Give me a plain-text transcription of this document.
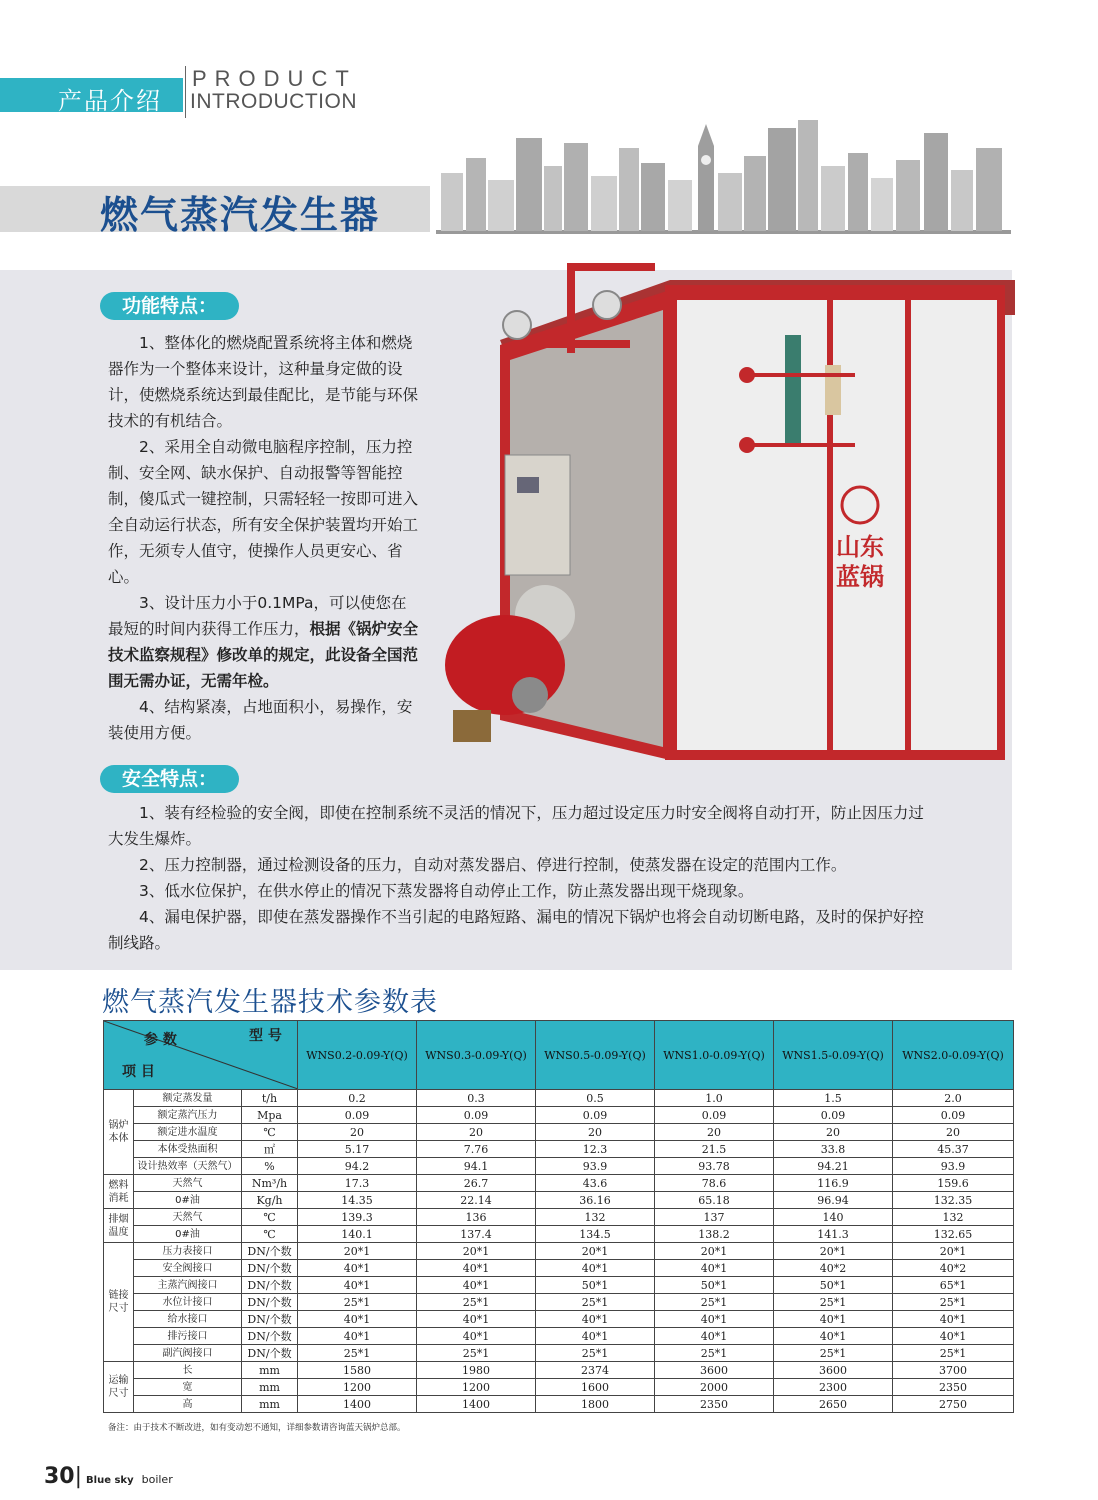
产品介绍
PRODUCT
INTRODUCTION
燃气蒸汽发生器
功能特点：

1、整体化的燃烧配置系统将主体和燃烧器作为一个整体来设计，这种量身定做的设计，使燃烧系统达到最佳配比，是节能与环保技术的有机结合。

2、采用全自动微电脑程序控制，压力控制、安全网、缺水保护、自动报警等智能控制，傻瓜式一键控制，只需轻轻一按即可进入全自动运行状态，所有安全保护装置均开始工作，无须专人值守，使操作人员更安心、省心。

3、设计压力小于0.1MPa，可以使您在最短的时间内获得工作压力，根据《锅炉安全技术监察规程》修改单的规定，此设备全国范围无需办证，无需年检。

4、结构紧凑，占地面积小，易操作，安装使用方便。

山东
蓝锅
安全特点：

1、装有经检验的安全阀，即使在控制系统不灵活的情况下，压力超过设定压力时安全阀将自动打开，防止因压力过大发生爆炸。

2、压力控制器，通过检测设备的压力，自动对蒸发器启、停进行控制，使蒸发器在设定的范围内工作。

3、低水位保护，在供水停止的情况下蒸发器将自动停止工作，防止蒸发器出现干烧现象。

4、漏电保护器，即使在蒸发器操作不当引起的电路短路、漏电的情况下锅炉也将会自动切断电路，及时的保护好控制线路。

燃气蒸汽发生器技术参数表
参 数 型 号
项 目			WNS0.2-0.09-Y(Q)	WNS0.3-0.09-Y(Q)	WNS0.5-0.09-Y(Q)	WNS1.0-0.09-Y(Q)	WNS1.5-0.09-Y(Q)	WNS2.0-0.09-Y(Q)
锅炉本体	额定蒸发量	t/h	0.2	0.3	0.5	1.0	1.5	2.0
	额定蒸汽压力	Mpa	0.09	0.09	0.09	0.09	0.09	0.09
	额定进水温度	℃	20	20	20	20	20	20
	本体受热面积	㎡	5.17	7.76	12.3	21.5	33.8	45.37
	设计热效率（天然气）	%	94.2	94.1	93.9	93.78	94.21	93.9
燃料消耗	天然气	Nm³/h	17.3	26.7	43.6	78.6	116.9	159.6
	0#油	Kg/h	14.35	22.14	36.16	65.18	96.94	132.35
排烟温度	天然气	℃	139.3	136	132	137	140	132
	0#油	℃	140.1	137.4	134.5	138.2	141.3	132.65
链接尺寸	压力表接口	DN/个数	20*1	20*1	20*1	20*1	20*1	20*1
	安全阀接口	DN/个数	40*1	40*1	40*1	40*1	40*2	40*2
	主蒸汽阀接口	DN/个数	40*1	40*1	50*1	50*1	50*1	65*1
	水位计接口	DN/个数	25*1	25*1	25*1	25*1	25*1	25*1
	给水接口	DN/个数	40*1	40*1	40*1	40*1	40*1	40*1
	排污接口	DN/个数	40*1	40*1	40*1	40*1	40*1	40*1
	副汽阀接口	DN/个数	25*1	25*1	25*1	25*1	25*1	25*1
运输尺寸	长	mm	1580	1980	2374	3600	3600	3700
	宽	mm	1200	1200	1600	2000	2300	2350
	高	mm	1400	1400	1800	2350	2650	2750
备注：由于技术不断改进，如有变动恕不通知，详细参数请咨询蓝天锅炉总部。
30| Blue sky boiler
